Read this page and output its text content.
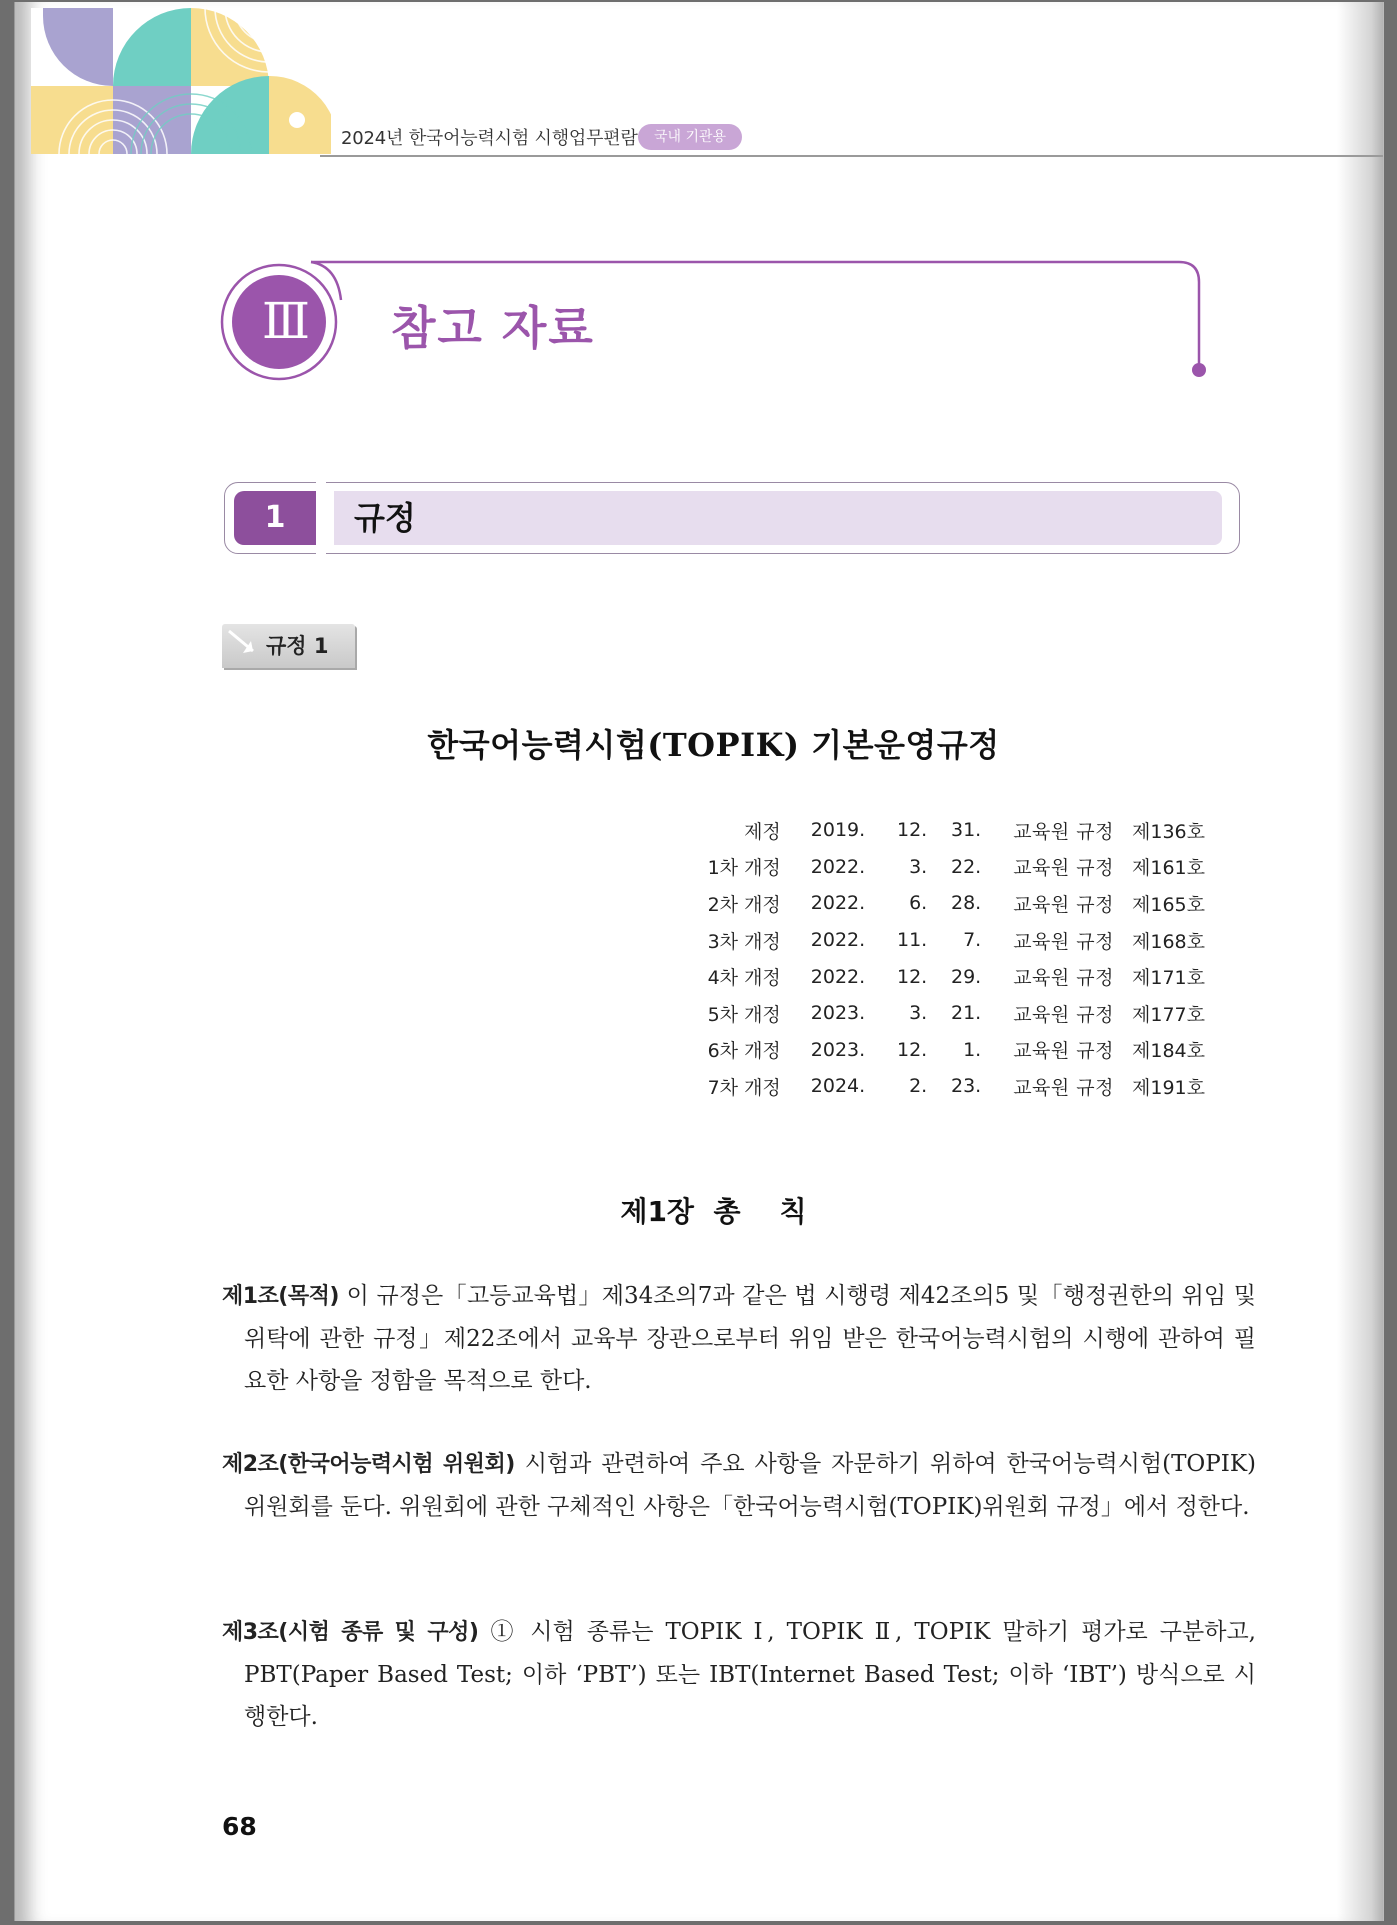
2024년 한국어능력시험 시행업무편람	국내 기관용
Ⅲ	참고 자료
1	규정
규정 1
한국어능력시험(TOPIK) 기본운영규정
제정	2019.	12.	31.	교육원 규정	제136호
1차 개정	2022.	3.	22.	교육원 규정	제161호
2차 개정	2022.	6.	28.	교육원 규정	제165호
3차 개정	2022.	11.	7.	교육원 규정	제168호
4차 개정	2022.	12.	29.	교육원 규정	제171호
5차 개정	2023.	3.	21.	교육원 규정	제177호
6차 개정	2023.	12.	1.	교육원 규정	제184호
7차 개정	2024.	2.	23.	교육원 규정	제191호
제1장  총    칙
제1조(목적) 이 규정은「고등교육법」제34조의7과 같은 법 시행령 제42조의5 및「행정권한의 위임 및 위탁에 관한 규정」제22조에서 교육부 장관으로부터 위임 받은 한국어능력시험의 시행에 관하여 필요한 사항을 정함을 목적으로 한다.
제2조(한국어능력시험 위원회) 시험과 관련하여 주요 사항을 자문하기 위하여 한국어능력시험(TOPIK)위원회를 둔다. 위원회에 관한 구체적인 사항은「한국어능력시험(TOPIK)위원회 규정」에서 정한다.
제3조(시험 종류 및 구성) ① 시험 종류는 TOPIK Ⅰ, TOPIK Ⅱ, TOPIK 말하기 평가로 구분하고, PBT(Paper Based Test; 이하 ‘PBT’) 또는 IBT(Internet Based Test; 이하 ‘IBT’) 방식으로 시행한다.
68
